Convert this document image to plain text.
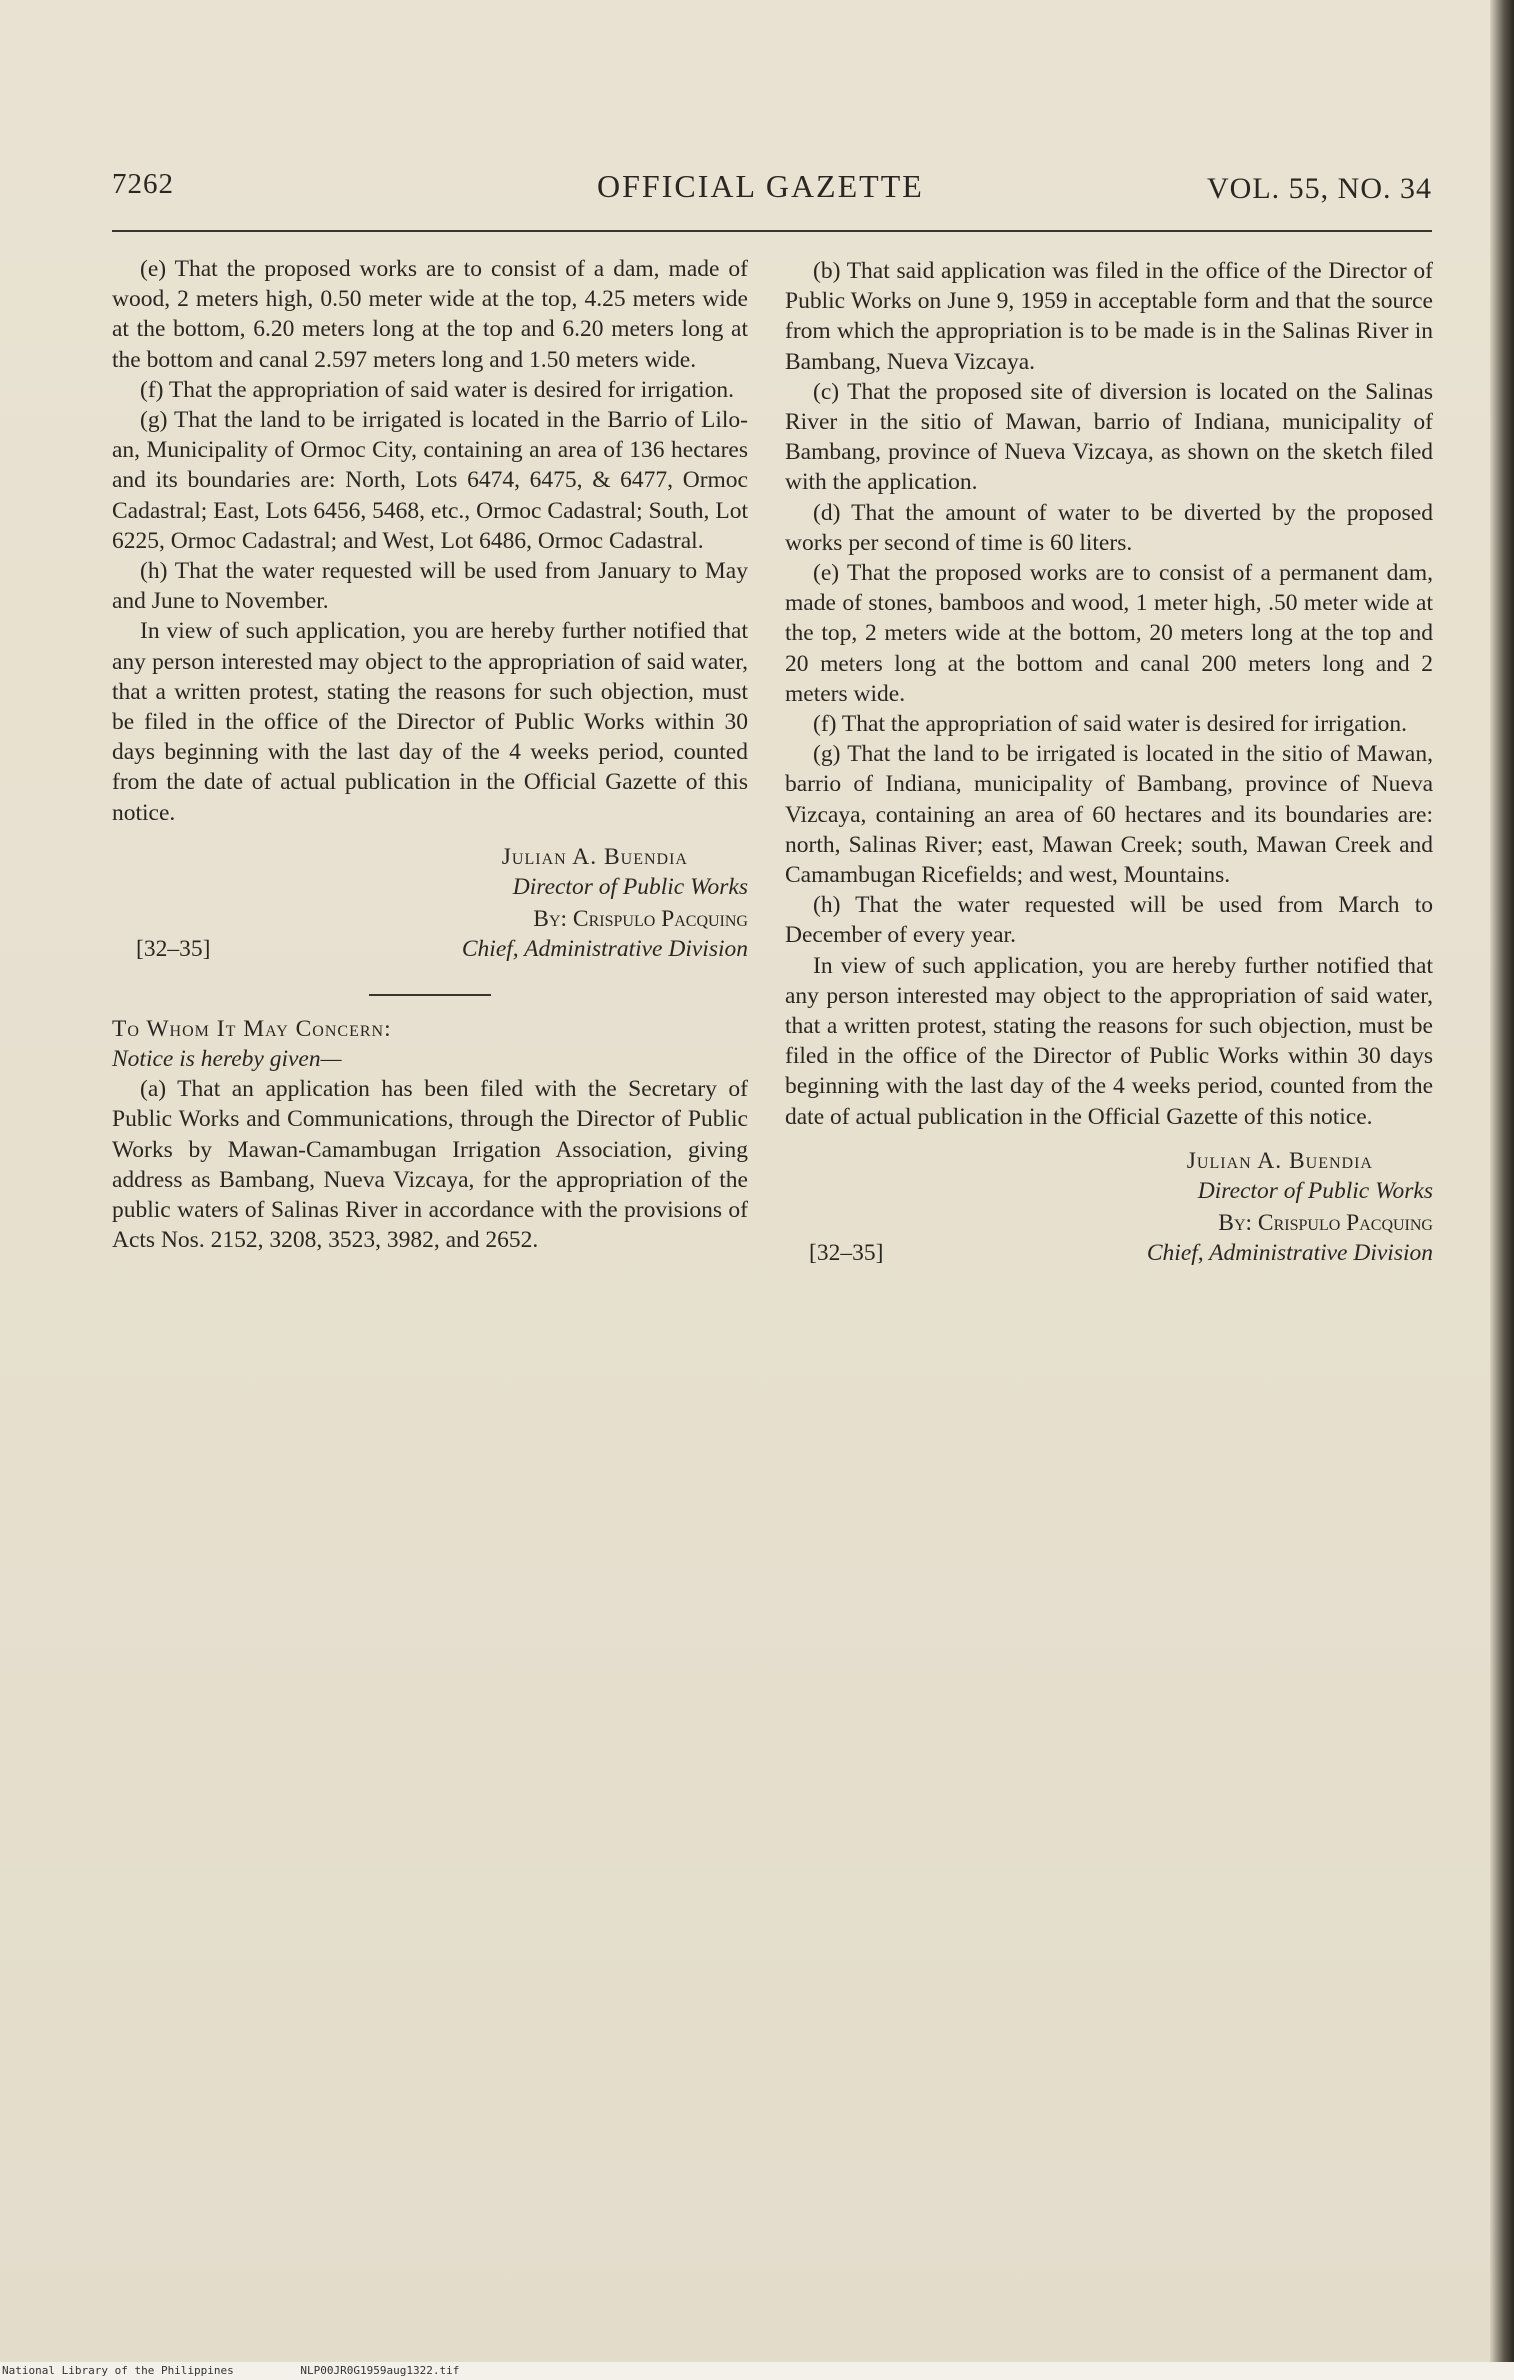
7262	OFFICIAL GAZETTE	VOL. 55, NO. 34

(e) That the proposed works are to consist of a dam, made of wood, 2 meters high, 0.50 meter wide at the top, 4.25 meters wide at the bottom, 6.20 meters long at the top and 6.20 meters long at the bottom and canal 2.597 meters long and 1.50 meters wide.

(f) That the appropriation of said water is desired for irrigation.

(g) That the land to be irrigated is located in the Barrio of Lilo-an, Municipality of Ormoc City, containing an area of 136 hectares and its boundaries are: North, Lots 6474, 6475, & 6477, Ormoc Cadastral; East, Lots 6456, 5468, etc., Ormoc Cadastral; South, Lot 6225, Ormoc Cadastral; and West, Lot 6486, Ormoc Cadastral.

(h) That the water requested will be used from January to May and June to November.

In view of such application, you are hereby further notified that any person interested may object to the appropriation of said water, that a written protest, stating the reasons for such objection, must be filed in the office of the Director of Public Works within 30 days beginning with the last day of the 4 weeks period, counted from the date of actual publication in the Official Gazette of this notice.

Julian A. Buendia
Director of Public Works
By: Crispulo Pacquing
[32–35]	Chief, Administrative Division

To Whom It May Concern:

Notice is hereby given—

(a) That an application has been filed with the Secretary of Public Works and Communications, through the Director of Public Works by Mawan-Camambugan Irrigation Association, giving address as Bambang, Nueva Vizcaya, for the appropriation of the public waters of Salinas River in accordance with the provisions of Acts Nos. 2152, 3208, 3523, 3982, and 2652.

(b) That said application was filed in the office of the Director of Public Works on June 9, 1959 in acceptable form and that the source from which the appropriation is to be made is in the Salinas River in Bambang, Nueva Vizcaya.

(c) That the proposed site of diversion is located on the Salinas River in the sitio of Mawan, barrio of Indiana, municipality of Bambang, province of Nueva Vizcaya, as shown on the sketch filed with the application.

(d) That the amount of water to be diverted by the proposed works per second of time is 60 liters.

(e) That the proposed works are to consist of a permanent dam, made of stones, bamboos and wood, 1 meter high, .50 meter wide at the top, 2 meters wide at the bottom, 20 meters long at the top and 20 meters long at the bottom and canal 200 meters long and 2 meters wide.

(f) That the appropriation of said water is desired for irrigation.

(g) That the land to be irrigated is located in the sitio of Mawan, barrio of Indiana, municipality of Bambang, province of Nueva Vizcaya, containing an area of 60 hectares and its boundaries are: north, Salinas River; east, Mawan Creek; south, Mawan Creek and Camambugan Ricefields; and west, Mountains.

(h) That the water requested will be used from March to December of every year.

In view of such application, you are hereby further notified that any person interested may object to the appropriation of said water, that a written protest, stating the reasons for such objection, must be filed in the office of the Director of Public Works within 30 days beginning with the last day of the 4 weeks period, counted from the date of actual publication in the Official Gazette of this notice.

Julian A. Buendia
Director of Public Works
By: Crispulo Pacquing
[32–35]	Chief, Administrative Division
National Library of the Philippines	NLP00JR0G1959aug1322.tif
